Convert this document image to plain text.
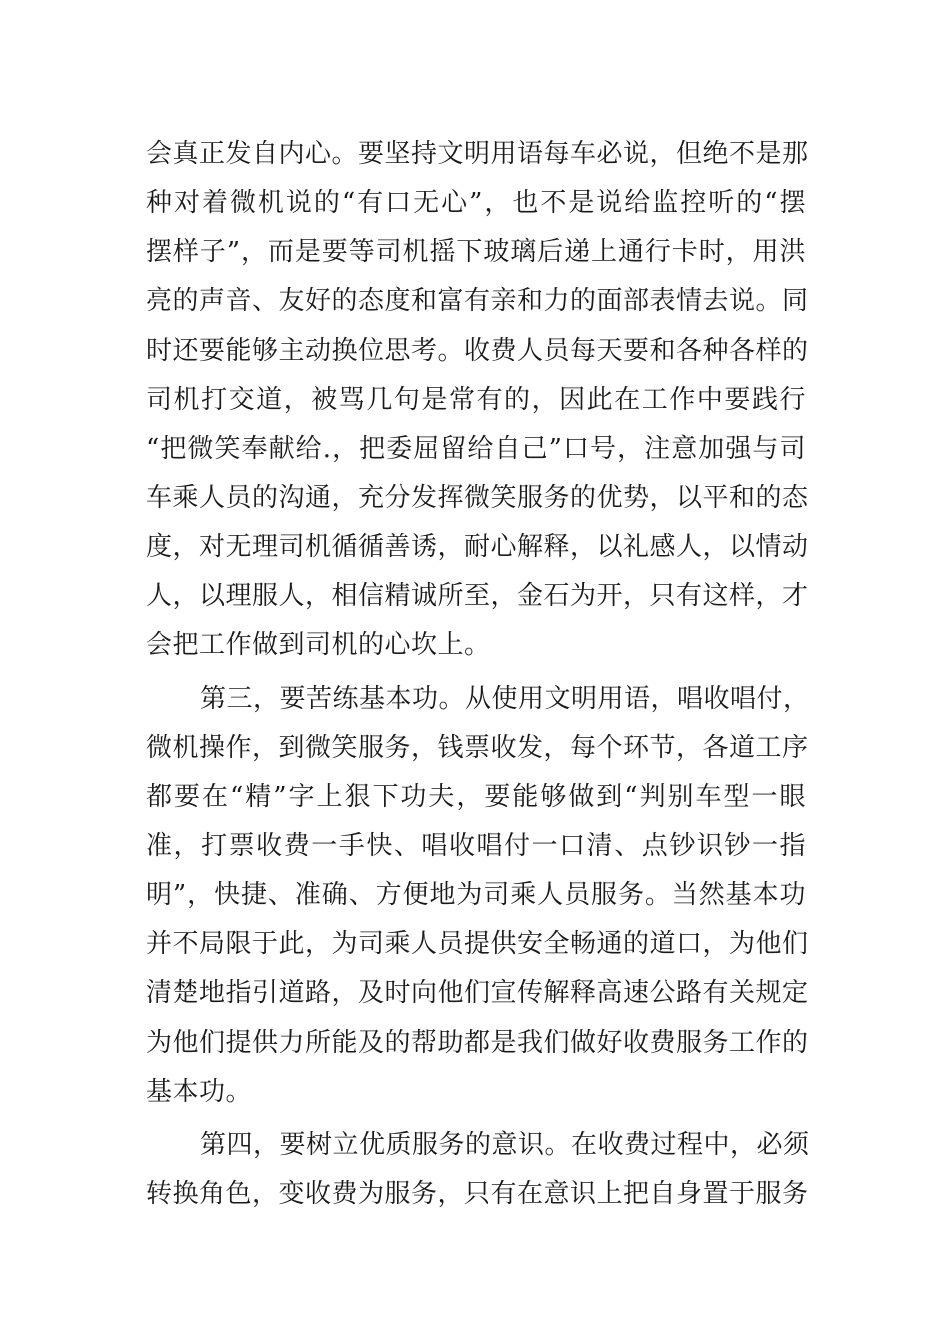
会真正发自内心。要坚持文明用语每车必说，但绝不是那
种对着微机说的“有口无心”，也不是说给监控听的“摆
摆样子”，而是要等司机摇下玻璃后递上通行卡时，用洪
亮的声音、友好的态度和富有亲和力的面部表情去说。同
时还要能够主动换位思考。收费人员每天要和各种各样的
司机打交道，被骂几句是常有的，因此在工作中要践行
“把微笑奉献给.，把委屈留给自己”口号，注意加强与司
车乘人员的沟通，充分发挥微笑服务的优势，以平和的态
度，对无理司机循循善诱，耐心解释，以礼感人，以情动
人，以理服人，相信精诚所至，金石为开，只有这样，才
会把工作做到司机的心坎上。
第三，要苦练基本功。从使用文明用语，唱收唱付，
微机操作，到微笑服务，钱票收发，每个环节，各道工序
都要在“精”字上狠下功夫，要能够做到“判别车型一眼
准，打票收费一手快、唱收唱付一口清、点钞识钞一指
明”，快捷、准确、方便地为司乘人员服务。当然基本功
并不局限于此，为司乘人员提供安全畅通的道口，为他们
清楚地指引道路，及时向他们宣传解释高速公路有关规定
为他们提供力所能及的帮助都是我们做好收费服务工作的
基本功。
第四，要树立优质服务的意识。在收费过程中，必须
转换角色，变收费为服务，只有在意识上把自身置于服务
